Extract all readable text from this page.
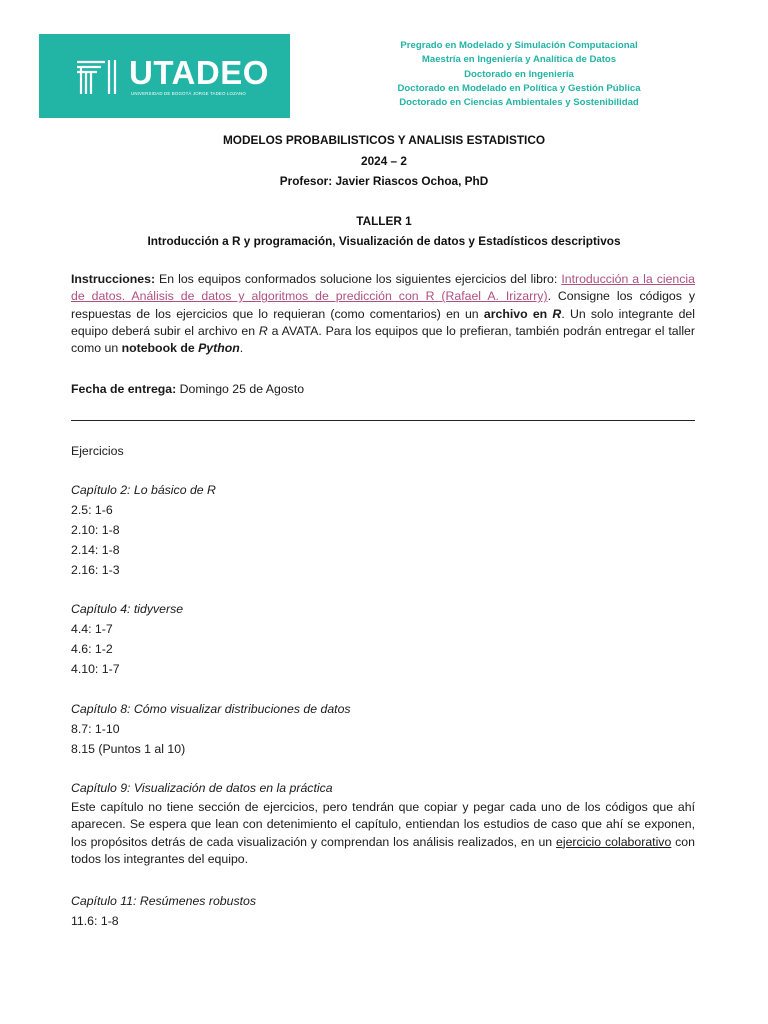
UTADEO
UNIVERSIDAD DE BOGOTÁ JORGE TADEO LOZANO
Pregrado en Modelado y Simulación Computacional
Maestría en Ingeniería y Analítica de Datos
Doctorado en Ingeniería
Doctorado en Modelado en Política y Gestión Pública
Doctorado en Ciencias Ambientales y Sostenibilidad
MODELOS PROBABILISTICOS Y ANALISIS ESTADISTICO
2024 – 2
Profesor: Javier Riascos Ochoa, PhD
TALLER 1
Introducción a R y programación, Visualización de datos y Estadísticos descriptivos
Instrucciones: En los equipos conformados solucione los siguientes ejercicios del libro: Introducción a la ciencia de datos. Análisis de datos y algoritmos de predicción con R (Rafael A. Irizarry). Consigne los códigos y respuestas de los ejercicios que lo requieran (como comentarios) en un archivo en R. Un solo integrante del equipo deberá subir el archivo en R a AVATA. Para los equipos que lo prefieran, también podrán entregar el taller como un notebook de Python.
Fecha de entrega: Domingo 25 de Agosto
Ejercicios
Capítulo 2: Lo básico de R
2.5: 1-6
2.10: 1-8
2.14: 1-8
2.16: 1-3
Capítulo 4: tidyverse
4.4: 1-7
4.6: 1-2
4.10: 1-7
Capítulo 8: Cómo visualizar distribuciones de datos
8.7: 1-10
8.15 (Puntos 1 al 10)
Capítulo 9: Visualización de datos en la práctica
Este capítulo no tiene sección de ejercicios, pero tendrán que copiar y pegar cada uno de los códigos que ahí aparecen. Se espera que lean con detenimiento el capítulo, entiendan los estudios de caso que ahí se exponen, los propósitos detrás de cada visualización y comprendan los análisis realizados, en un ejercicio colaborativo con todos los integrantes del equipo.
Capítulo 11: Resúmenes robustos
11.6: 1-8
